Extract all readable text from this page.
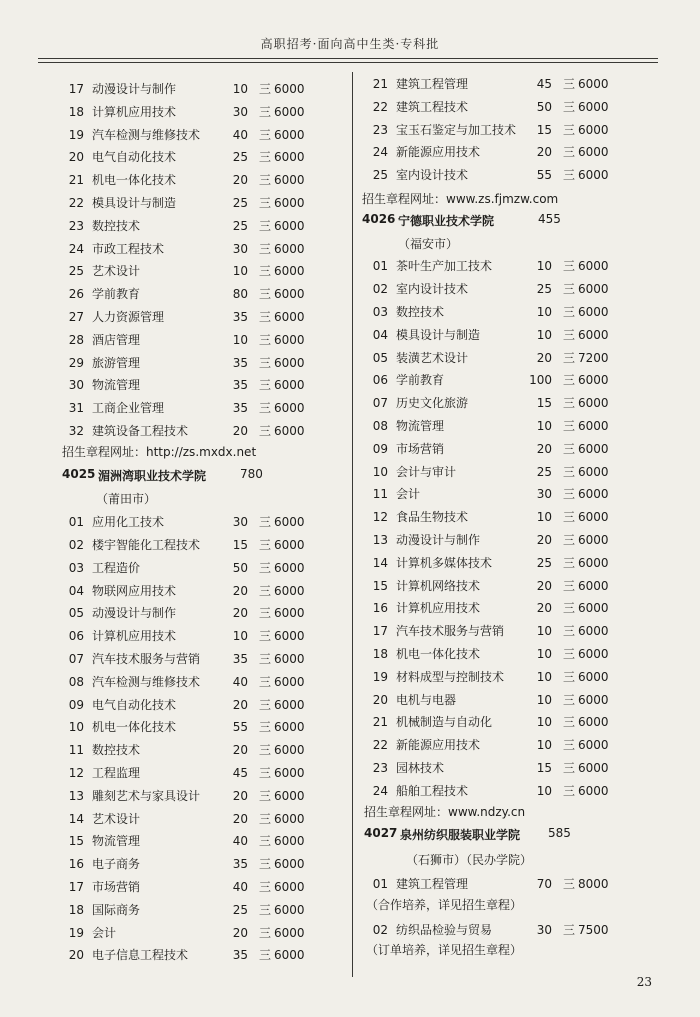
高职招考·面向高中生类·专科批
17 动漫设计与制作	10 三 6000
18 计算机应用技术	30 三 6000
19 汽车检测与维修技术	40 三 6000
20 电气自动化技术	25 三 6000
21 机电一体化技术	20 三 6000
22 模具设计与制造	25 三 6000
23 数控技术	25 三 6000
24 市政工程技术	30 三 6000
25 艺术设计	10 三 6000
26 学前教育	80 三 6000
27 人力资源管理	35 三 6000
28 酒店管理	10 三 6000
29 旅游管理	35 三 6000
30 物流管理	35 三 6000
31 工商企业管理	35 三 6000
32 建筑设备工程技术	20 三 6000
招生章程网址：http://zs.mxdx.net
4025 湄洲湾职业技术学院	780
（莆田市）
01 应用化工技术	30 三 6000
02 楼宇智能化工程技术	15 三 6000
03 工程造价	50 三 6000
04 物联网应用技术	20 三 6000
05 动漫设计与制作	20 三 6000
06 计算机应用技术	10 三 6000
07 汽车技术服务与营销	35 三 6000
08 汽车检测与维修技术	40 三 6000
09 电气自动化技术	20 三 6000
10 机电一体化技术	55 三 6000
11 数控技术	20 三 6000
12 工程监理	45 三 6000
13 雕刻艺术与家具设计	20 三 6000
14 艺术设计	20 三 6000
15 物流管理	40 三 6000
16 电子商务	35 三 6000
17 市场营销	40 三 6000
18 国际商务	25 三 6000
19 会计	20 三 6000
20 电子信息工程技术	35 三 6000
21 建筑工程管理	45 三 6000
22 建筑工程技术	50 三 6000
23 宝玉石鉴定与加工技术	15 三 6000
24 新能源应用技术	20 三 6000
25 室内设计技术	55 三 6000
招生章程网址：www.zs.fjmzw.com
4026 宁德职业技术学院	455
（福安市）
01 茶叶生产加工技术	10 三 6000
02 室内设计技术	25 三 6000
03 数控技术	10 三 6000
04 模具设计与制造	10 三 6000
05 装潢艺术设计	20 三 7200
06 学前教育	100 三 6000
07 历史文化旅游	15 三 6000
08 物流管理	10 三 6000
09 市场营销	20 三 6000
10 会计与审计	25 三 6000
11 会计	30 三 6000
12 食品生物技术	10 三 6000
13 动漫设计与制作	20 三 6000
14 计算机多媒体技术	25 三 6000
15 计算机网络技术	20 三 6000
16 计算机应用技术	20 三 6000
17 汽车技术服务与营销	10 三 6000
18 机电一体化技术	10 三 6000
19 材料成型与控制技术	10 三 6000
20 电机与电器	10 三 6000
21 机械制造与自动化	10 三 6000
22 新能源应用技术	10 三 6000
23 园林技术	15 三 6000
24 船舶工程技术	10 三 6000
招生章程网址：www.ndzy.cn
4027 泉州纺织服装职业学院 585
（石狮市）（民办学院）
01 建筑工程管理	70 三 8000
（合作培养，详见招生章程）
02 纺织品检验与贸易	30 三 7500
（订单培养，详见招生章程）
23
